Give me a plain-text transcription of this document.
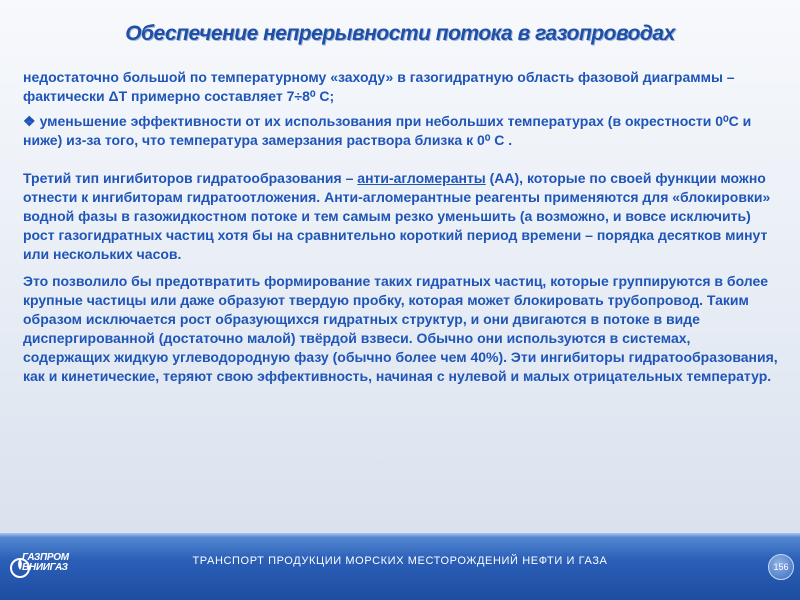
Обеспечение непрерывности потока в газопроводах

недостаточно большой по температурному «заходу» в газогидратную область фазовой диаграммы – фактически ΔТ примерно составляет 7÷8⁰ С;

❖ уменьшение эффективности от их использования при небольших температурах (в окрестности 0⁰С и ниже) из-за того, что температура замерзания раствора близка к 0⁰ С .

Третий тип ингибиторов гидратообразования – анти-агломеранты (АА), которые по своей функции можно отнести к ингибиторам гидратоотложения. Анти-агломерантные реагенты применяются для «блокировки» водной фазы в газожидкостном потоке и тем самым резко уменьшить (а возможно, и вовсе исключить) рост газогидратных частиц хотя бы на сравнительно короткий период времени – порядка десятков минут или нескольких часов.

Это позволило бы предотвратить формирование таких гидратных частиц, которые группируются в более крупные частицы или даже образуют твердую пробку, которая может блокировать трубопровод. Таким образом исключается рост образующихся гидратных структур, и они двигаются в потоке в виде диспергированной (достаточно малой) твёрдой взвеси. Обычно они используются в системах, содержащих жидкую углеводородную фазу (обычно более чем 40%). Эти ингибиторы гидратообразования, как и кинетические, теряют свою эффективность, начиная с нулевой и малых отрицательных температур.

ГАЗПРОМ
ВНИИГАЗ
ТРАНСПОРТ ПРОДУКЦИИ МОРСКИХ МЕСТОРОЖДЕНИЙ НЕФТИ И ГАЗА	156
